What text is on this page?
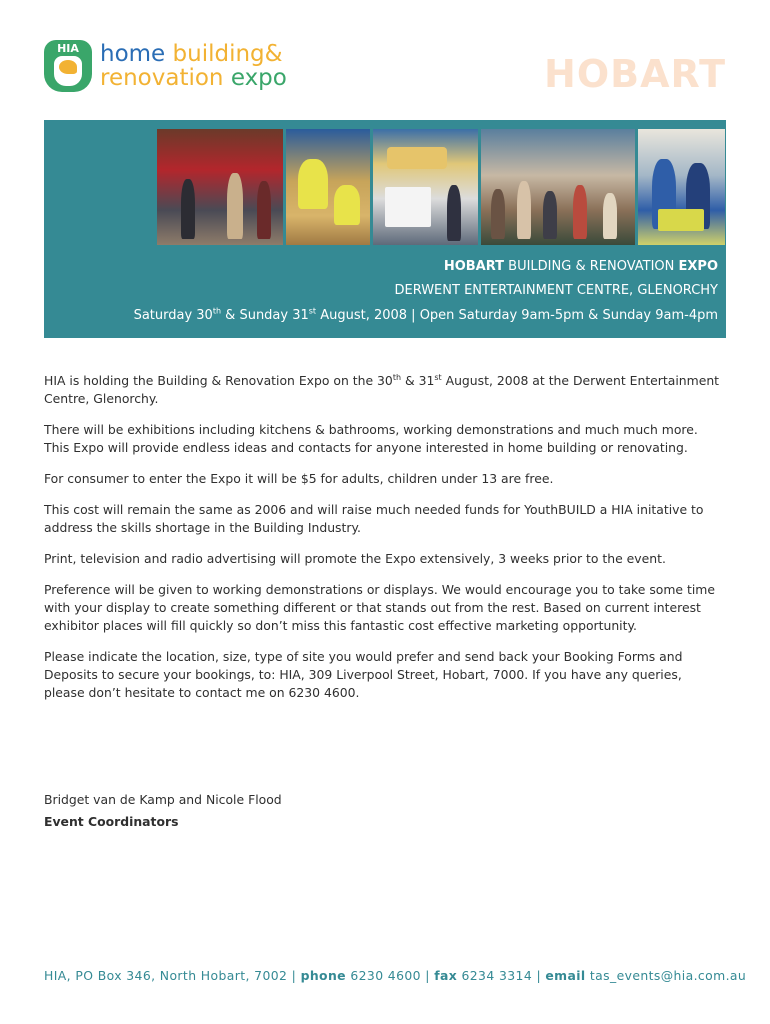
HIA home building&
renovation expo	HOBART
HOBART BUILDING & RENOVATION EXPO
DERWENT ENTERTAINMENT CENTRE, GLENORCHY
Saturday 30th & Sunday 31st August, 2008 | Open Saturday 9am-5pm & Sunday 9am-4pm

HIA is holding the Building & Renovation Expo on the 30th & 31st August, 2008 at the Derwent Entertainment Centre, Glenorchy.

There will be exhibitions including kitchens & bathrooms, working demonstrations and much much more. This Expo will provide endless ideas and contacts for anyone interested in home building or renovating.

For consumer to enter the Expo it will be $5 for adults, children under 13 are free.

This cost will remain the same as 2006 and will raise much needed funds for YouthBUILD a HIA initative to address the skills shortage in the Building Industry.

Print, television and radio advertising will promote the Expo extensively, 3 weeks prior to the event.

Preference will be given to working demonstrations or displays. We would encourage you to take some time with your display to create something different or that stands out from the rest. Based on current interest exhibitor places will fill quickly so don’t miss this fantastic cost effective marketing opportunity.

Please indicate the location, size, type of site you would prefer and send back your Booking Forms and Deposits to secure your bookings, to: HIA, 309 Liverpool Street, Hobart, 7000. If you have any queries, please don’t hesitate to contact me on 6230 4600.

Bridget van de Kamp and Nicole Flood
Event Coordinators
HIA, PO Box 346, North Hobart, 7002 | phone 6230 4600 | fax 6234 3314 | email tas_events@hia.com.au
